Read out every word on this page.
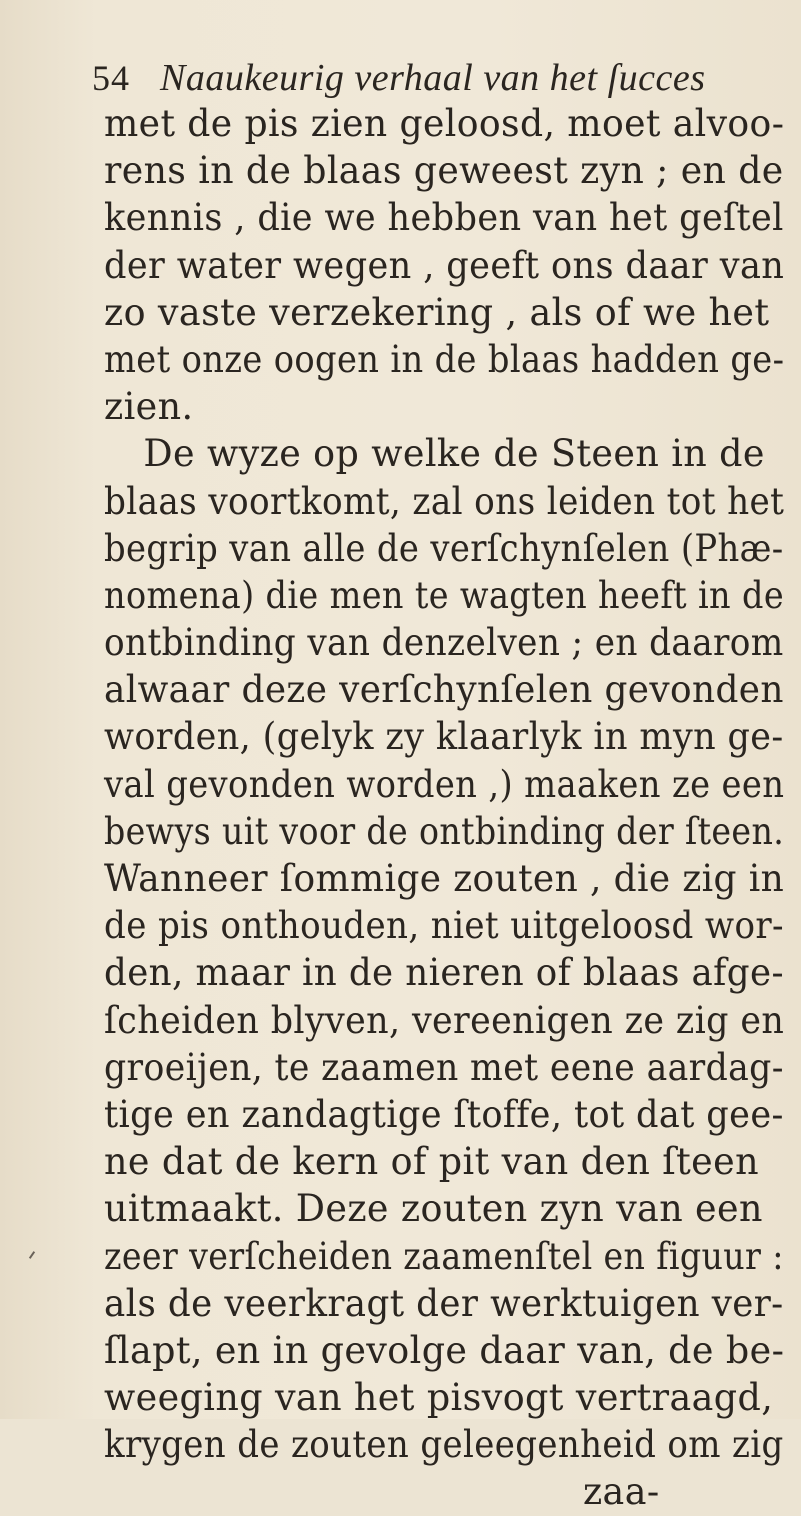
54 Naaukeurig verhaal van het ſucces
met de pis zien geloosd, moet alvoo-
rens in de blaas geweest zyn ; en de
kennis , die we hebben van het geſtel
der water wegen , geeft ons daar van
zo vaste verzekering , als of we het
met onze oogen in de blaas hadden ge-
zien.
De wyze op welke de Steen in de
blaas voortkomt, zal ons leiden tot het
begrip van alle de verſchynſelen (Phæ-
nomena) die men te wagten heeft in de
ontbinding van denzelven ; en daarom
alwaar deze verſchynſelen gevonden
worden, (gelyk zy klaarlyk in myn ge-
val gevonden worden ,) maaken ze een
bewys uit voor de ontbinding der ſteen.
Wanneer ſommige zouten , die zig in
de pis onthouden, niet uitgeloosd wor-
den, maar in de nieren of blaas afge-
ſcheiden blyven, vereenigen ze zig en
groeijen, te zaamen met eene aardag-
tige en zandagtige ſtoffe, tot dat gee-
ne dat de kern of pit van den ſteen
uitmaakt. Deze zouten zyn van een
zeer verſcheiden zaamenſtel en figuur :
als de veerkragt der werktuigen ver-
ſlapt, en in gevolge daar van, de be-
weeging van het pisvogt vertraagd,
krygen de zouten geleegenheid om zig
zaa-
